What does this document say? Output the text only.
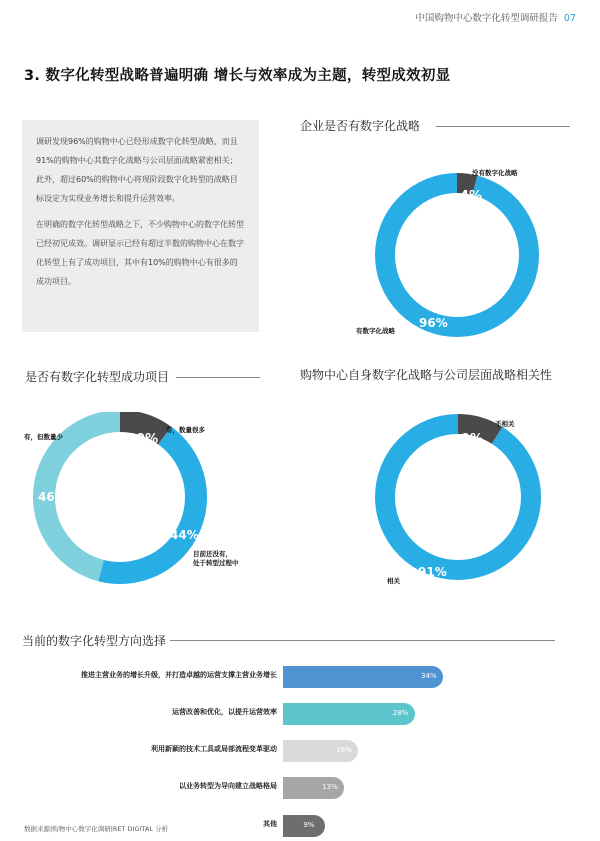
中国购物中心数字化转型调研报告 07
3. 数字化转型战略普遍明确 增长与效率成为主题，转型成效初显

调研发现96%的购物中心已经形成数字化转型战略，而且91%的购物中心其数字化战略与公司层面战略紧密相关；此外，超过60%的购物中心将现阶段数字化转型的战略目标设定为实现业务增长和提升运营效率。

在明确的数字化转型战略之下，不少购物中心的数字化转型已经初见成效。调研显示已经有超过半数的购物中心在数字化转型上有了成功项目，其中有10%的购物中心有很多的成功项目。

企业是否有数字化战略
没有数字化战略
4%
96%
有数字化战略
是否有数字化转型成功项目
有，数量很多
10%
有，但数量少
46%
44%
目前还没有，
处于转型过程中
购物中心自身数字化战略与公司层面战略相关性
不相关
9%
91%
相关
当前的数字化转型方向选择
推进主营业务的增长升级，并打造卓越的运营支撑主营业务增长	34%
运营改善和优化，以提升运营效率	28%
利用新颖的技术工具或局部流程变革驱动	16%
以业务转型为导向建立战略格局	13%
其他	9%
数据来源|购物中心数字化调研|RET DIGITAL 分析
